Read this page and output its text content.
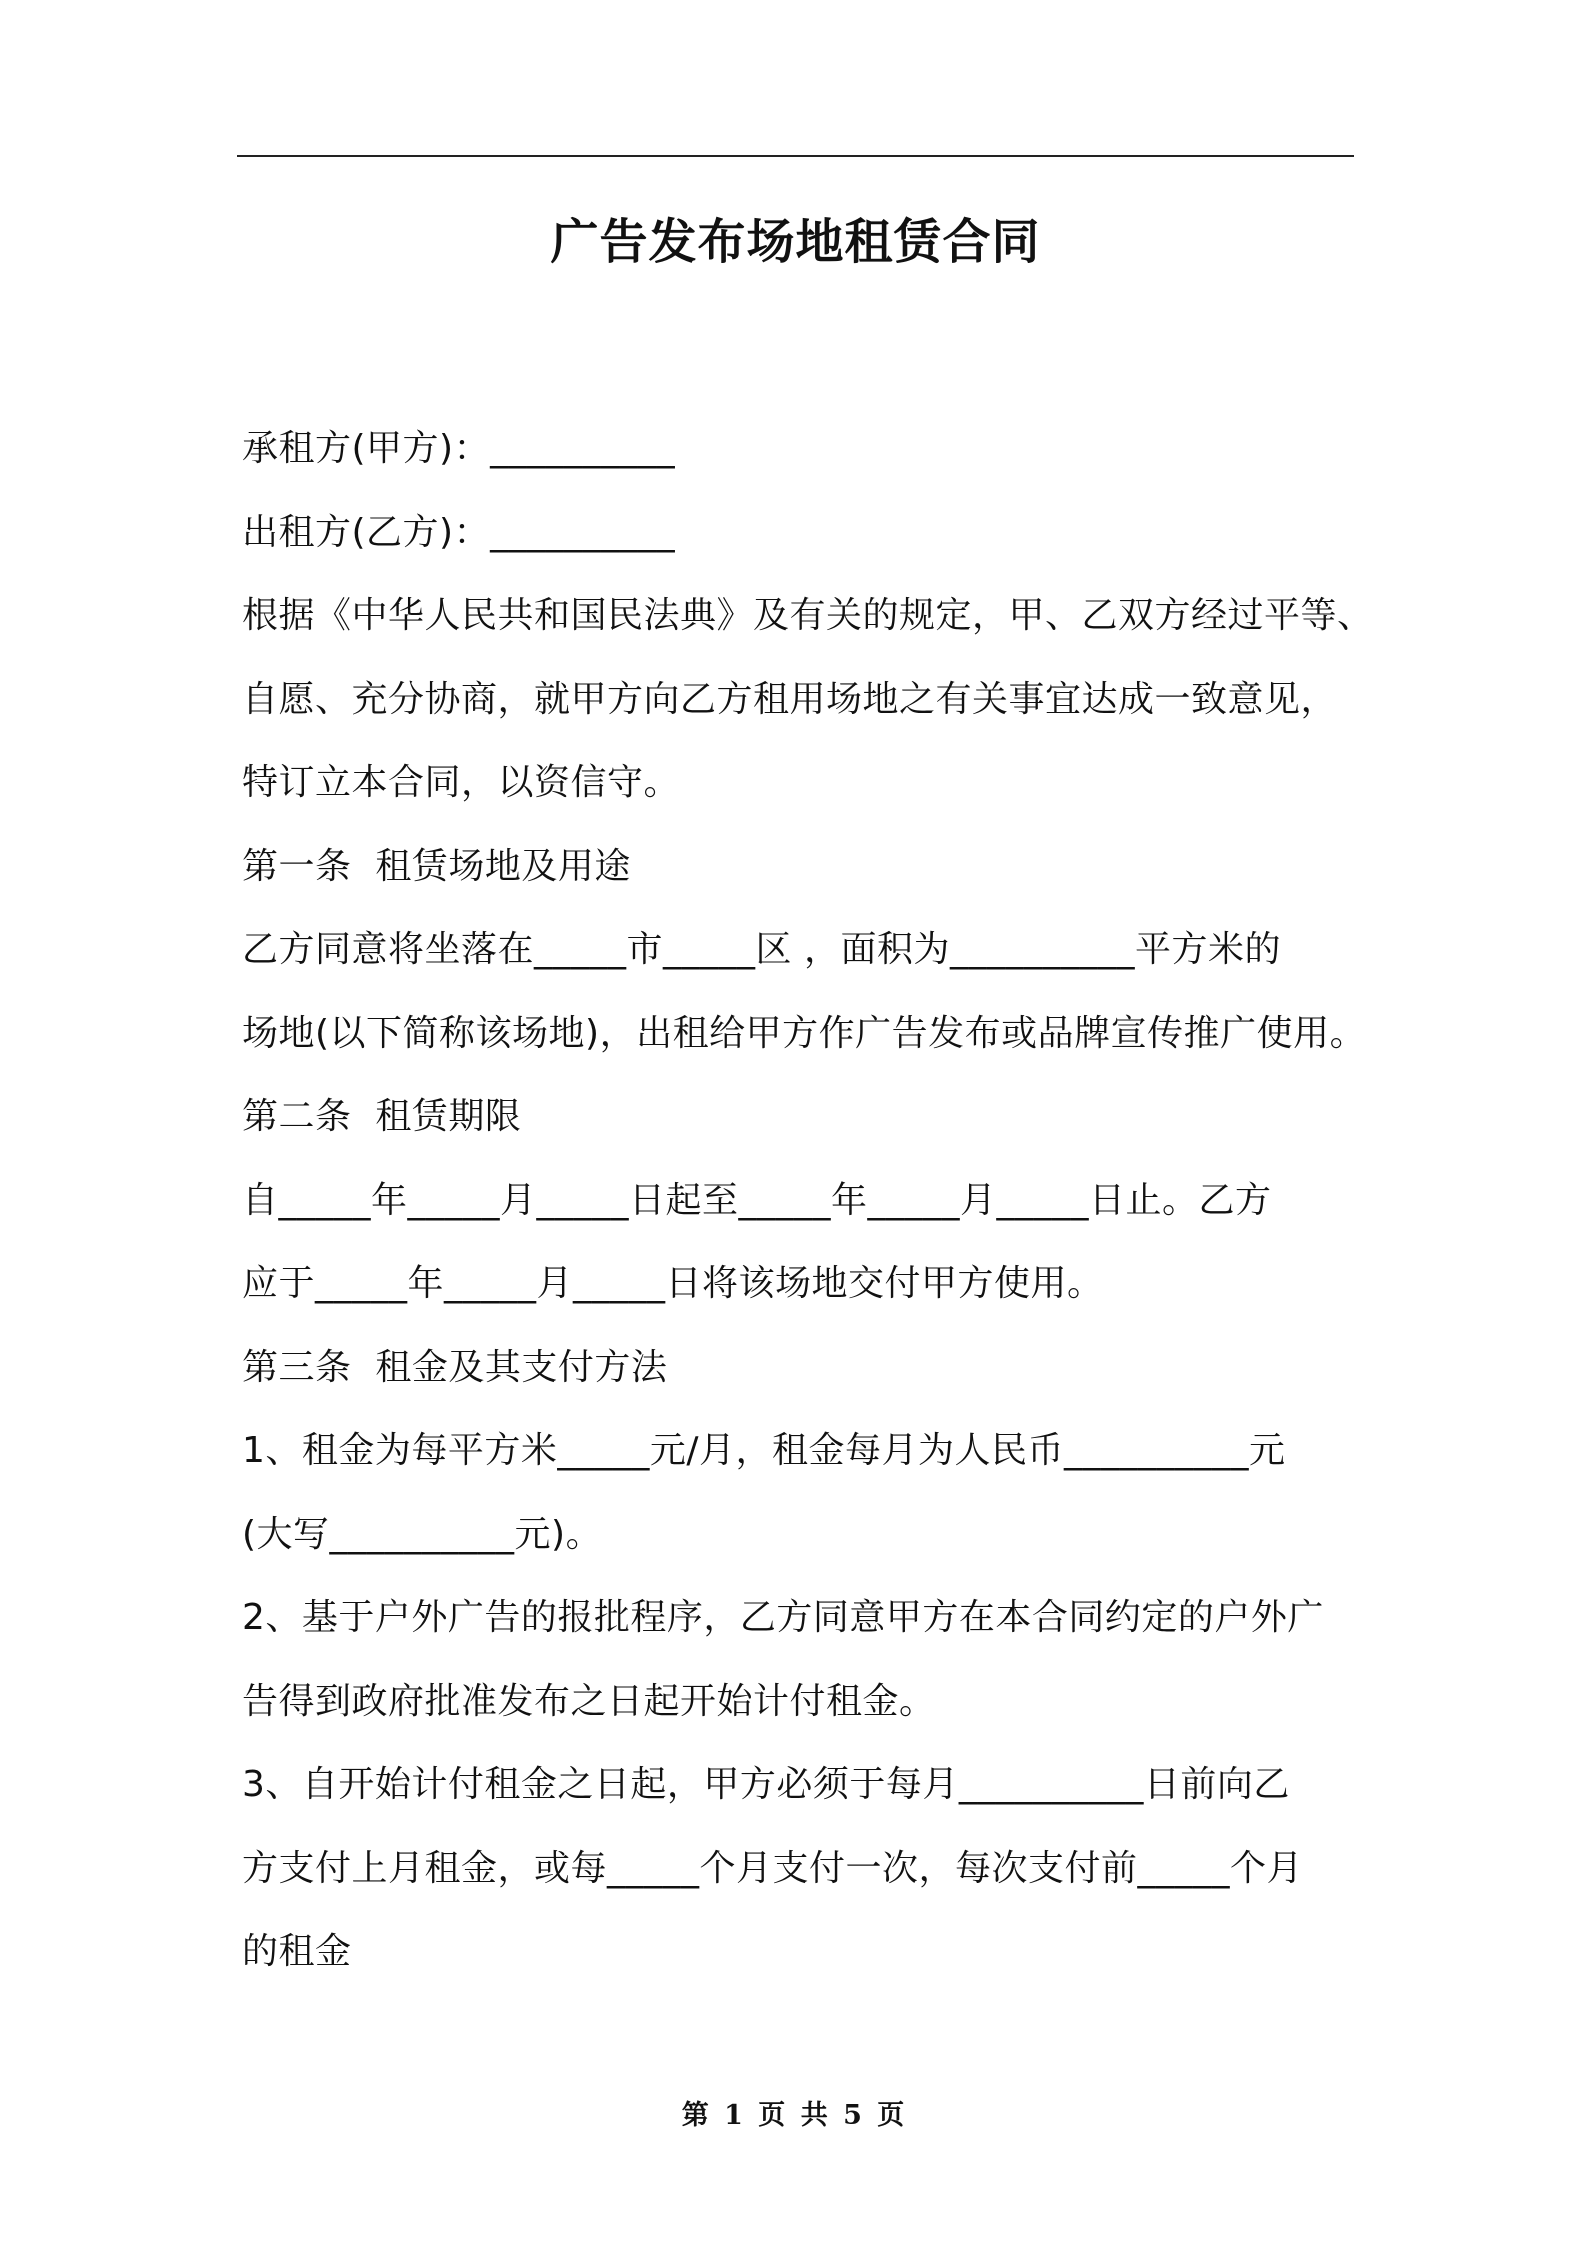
广告发布场地租赁合同
承租方(甲方)：__________
出租方(乙方)：__________
根据《中华人民共和国民法典》及有关的规定，甲、乙双方经过平等、
自愿、充分协商，就甲方向乙方租用场地之有关事宜达成一致意见，
特订立本合同，以资信守。
第一条  租赁场地及用途
乙方同意将坐落在_____市_____区 ，面积为__________平方米的
场地(以下简称该场地)，出租给甲方作广告发布或品牌宣传推广使用。
第二条  租赁期限
自_____年_____月_____日起至_____年_____月_____日止。乙方
应于_____年_____月_____日将该场地交付甲方使用。
第三条  租金及其支付方法
1、租金为每平方米_____元/月，租金每月为人民币__________元
(大写__________元)。
2、基于户外广告的报批程序，乙方同意甲方在本合同约定的户外广
告得到政府批准发布之日起开始计付租金。
3、自开始计付租金之日起，甲方必须于每月__________日前向乙
方支付上月租金，或每_____个月支付一次，每次支付前_____个月
的租金
第 1 页 共 5 页
